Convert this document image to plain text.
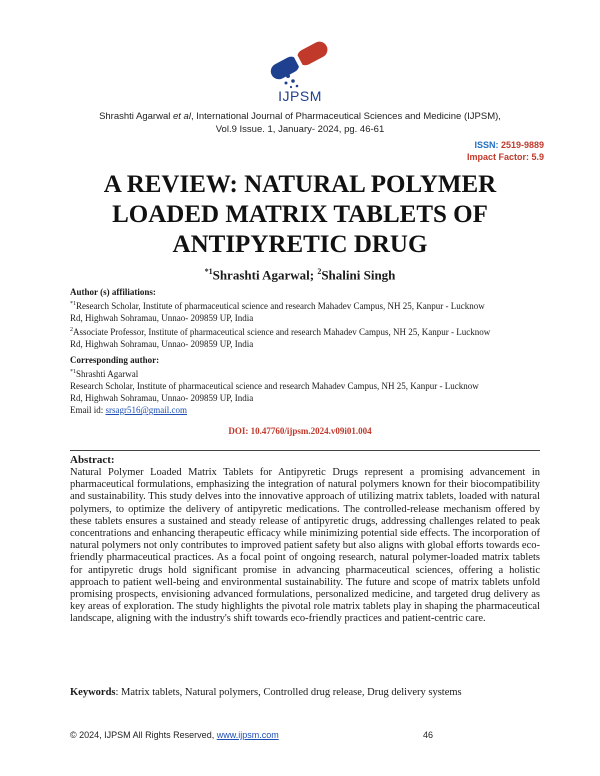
IJPSM
Shrashti Agarwal et al, International Journal of Pharmaceutical Sciences and Medicine (IJPSM),
Vol.9 Issue. 1, January- 2024, pg. 46-61
ISSN: 2519-9889
Impact Factor: 5.9
A REVIEW: NATURAL POLYMER
LOADED MATRIX TABLETS OF
ANTIPYRETIC DRUG
$^{*1}$Shrashti Agarwal; $^2$Shalini Singh
Author (s) affiliations:
$^{*1}$Research Scholar, Institute of pharmaceutical science and research Mahadev Campus, NH 25, Kanpur - Lucknow
Rd, Highwah Sohramau, Unnao- 209859 UP, India
$^2$Associate Professor, Institute of pharmaceutical science and research Mahadev Campus, NH 25, Kanpur - Lucknow
Rd, Highwah Sohramau, Unnao- 209859 UP, India
Corresponding author:
$^{*1}$Shrashti Agarwal
Research Scholar, Institute of pharmaceutical science and research Mahadev Campus, NH 25, Kanpur - Lucknow
Rd, Highwah Sohramau, Unnao- 209859 UP, India
Email id: srsagr516@gmail.com
DOI: 10.47760/ijpsm.2024.v09i01.004
Abstract:
Natural Polymer Loaded Matrix Tablets for Antipyretic Drugs represent a promising advancement in pharmaceutical formulations, emphasizing the integration of natural polymers known for their biocompatibility and sustainability. This study delves into the innovative approach of utilizing matrix tablets, loaded with natural polymers, to optimize the delivery of antipyretic medications. The controlled-release mechanism offered by these tablets ensures a sustained and steady release of antipyretic drugs, addressing challenges related to peak concentrations and enhancing therapeutic efficacy while minimizing potential side effects. The incorporation of natural polymers not only contributes to improved patient safety but also aligns with global efforts towards eco-friendly pharmaceutical practices. As a focal point of ongoing research, natural polymer-loaded matrix tablets for antipyretic drugs hold significant promise in advancing pharmaceutical sciences, offering a holistic approach to patient well-being and environmental sustainability. The future and scope of matrix tablets unfold promising prospects, envisioning advanced formulations, personalized medicine, and targeted drug delivery as key areas of exploration. The study highlights the pivotal role matrix tablets play in shaping the pharmaceutical landscape, aligning with the industry's shift towards eco-friendly practices and patient-centric care.
Keywords: Matrix tablets, Natural polymers, Controlled drug release, Drug delivery systems
© 2024, IJPSM All Rights Reserved, www.ijpsm.com	46
